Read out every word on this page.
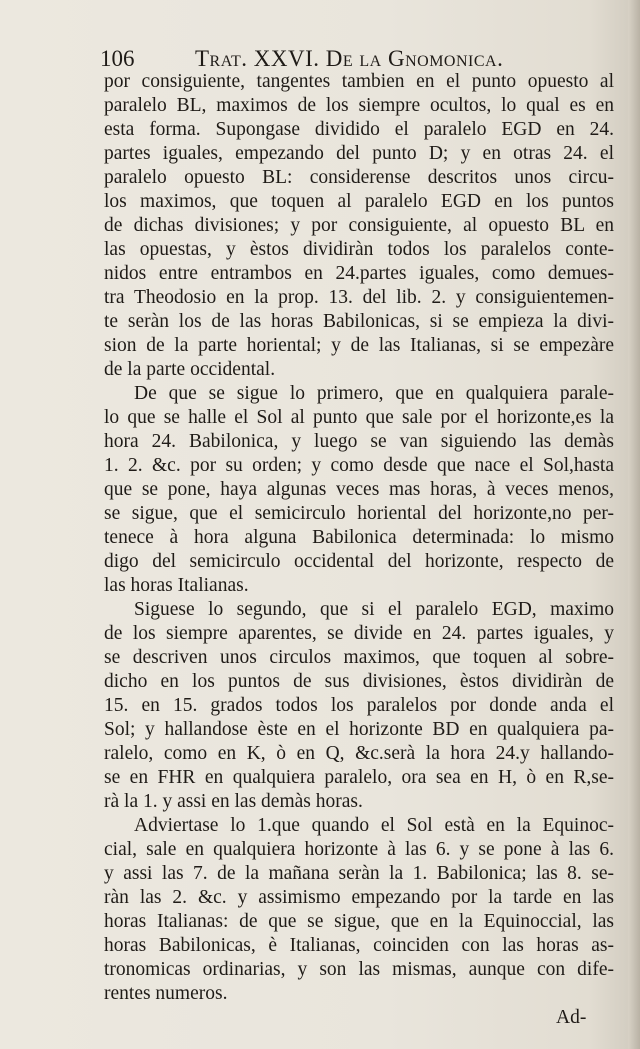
106	Trat. XXVI. De la Gnomonica.
por consiguiente, tangentes tambien en el punto opuesto al
paralelo BL, maximos de los siempre ocultos, lo qual es en
esta forma. Supongase dividido el paralelo EGD en 24.
partes iguales, empezando del punto D; y en otras 24. el
paralelo opuesto BL: considerense descritos unos circu-
los maximos, que toquen al paralelo EGD en los puntos
de dichas divisiones; y por consiguiente, al opuesto BL en
las opuestas, y èstos dividiràn todos los paralelos conte-
nidos entre entrambos en 24.partes iguales, como demues-
tra Theodosio en la prop. 13. del lib. 2. y consiguientemen-
te seràn los de las horas Babilonicas, si se empieza la divi-
sion de la parte horiental; y de las Italianas, si se empezàre
de la parte occidental.
De que se sigue lo primero, que en qualquiera parale-
lo que se halle el Sol al punto que sale por el horizonte,es la
hora 24. Babilonica, y luego se van siguiendo las demàs
1. 2. &c. por su orden; y como desde que nace el Sol,hasta
que se pone, haya algunas veces mas horas, à veces menos,
se sigue, que el semicirculo horiental del horizonte,no per-
tenece à hora alguna Babilonica determinada: lo mismo
digo del semicirculo occidental del horizonte, respecto de
las horas Italianas.
Siguese lo segundo, que si el paralelo EGD, maximo
de los siempre aparentes, se divide en 24. partes iguales, y
se descriven unos circulos maximos, que toquen al sobre-
dicho en los puntos de sus divisiones, èstos dividiràn de
15. en 15. grados todos los paralelos por donde anda el
Sol; y hallandose èste en el horizonte BD en qualquiera pa-
ralelo, como en K, ò en Q, &c.serà la hora 24.y hallando-
se en FHR en qualquiera paralelo, ora sea en H, ò en R,se-
rà la 1. y assi en las demàs horas.
Adviertase lo 1.que quando el Sol està en la Equinoc-
cial, sale en qualquiera horizonte à las 6. y se pone à las 6.
y assi las 7. de la mañana seràn la 1. Babilonica; las 8. se-
ràn las 2. &c. y assimismo empezando por la tarde en las
horas Italianas: de que se sigue, que en la Equinoccial, las
horas Babilonicas, è Italianas, coinciden con las horas as-
tronomicas ordinarias, y son las mismas, aunque con dife-
rentes numeros.
Ad-
